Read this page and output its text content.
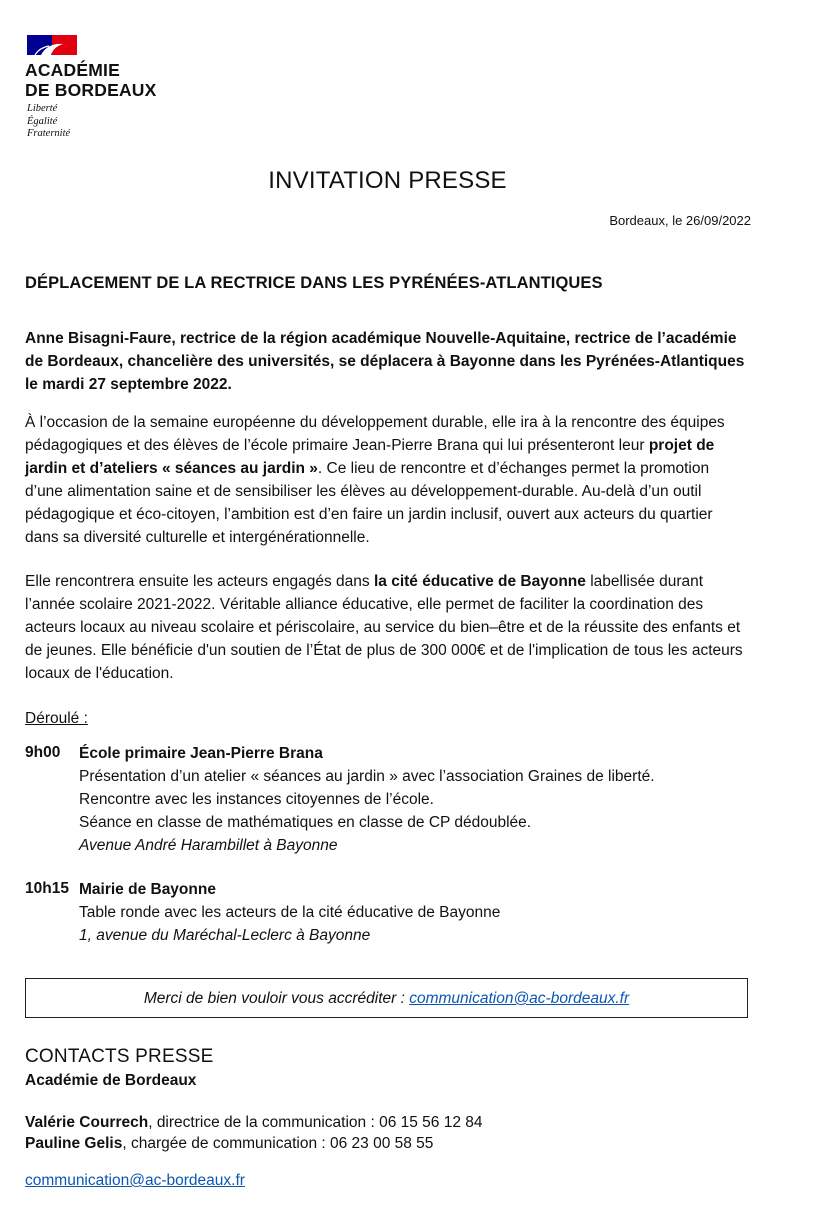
ACADÉMIE
DE BORDEAUX
Liberté
Égalité
Fraternité
INVITATION PRESSE
Bordeaux, le 26/09/2022
DÉPLACEMENT DE LA RECTRICE DANS LES PYRÉNÉES-ATLANTIQUES
Anne Bisagni-Faure, rectrice de la région académique Nouvelle-Aquitaine, rectrice de l’académie de Bordeaux, chancelière des universités, se déplacera à Bayonne dans les Pyrénées-Atlantiques le mardi 27 septembre 2022.
À l’occasion de la semaine européenne du développement durable, elle ira à la rencontre des équipes pédagogiques et des élèves de l’école primaire Jean-Pierre Brana qui lui présenteront leur projet de jardin et d’ateliers « séances au jardin ». Ce lieu de rencontre et d’échanges permet la promotion d’une alimentation saine et de sensibiliser les élèves au développement-durable. Au-delà d’un outil pédagogique et éco-citoyen, l’ambition est d’en faire un jardin inclusif, ouvert aux acteurs du quartier dans sa diversité culturelle et intergénérationnelle.
Elle rencontrera ensuite les acteurs engagés dans la cité éducative de Bayonne labellisée durant l’année scolaire 2021-2022. Véritable alliance éducative, elle permet de faciliter la coordination des acteurs locaux au niveau scolaire et périscolaire, au service du bien–être et de la réussite des enfants et de jeunes. Elle bénéficie d'un soutien de l’État de plus de 300 000€ et de l'implication de tous les acteurs locaux de l'éducation.
Déroulé :
9h00 École primaire Jean-Pierre Brana
Présentation d’un atelier « séances au jardin » avec l’association Graines de liberté.
Rencontre avec les instances citoyennes de l’école.
Séance en classe de mathématiques en classe de CP dédoublée.
Avenue André Harambillet à Bayonne
10h15 Mairie de Bayonne
Table ronde avec les acteurs de la cité éducative de Bayonne
1, avenue du Maréchal-Leclerc à Bayonne
Merci de bien vouloir vous accréditer : communication@ac-bordeaux.fr
CONTACTS PRESSE
Académie de Bordeaux
Valérie Courrech, directrice de la communication : 06 15 56 12 84
Pauline Gelis, chargée de communication : 06 23 00 58 55
communication@ac-bordeaux.fr
